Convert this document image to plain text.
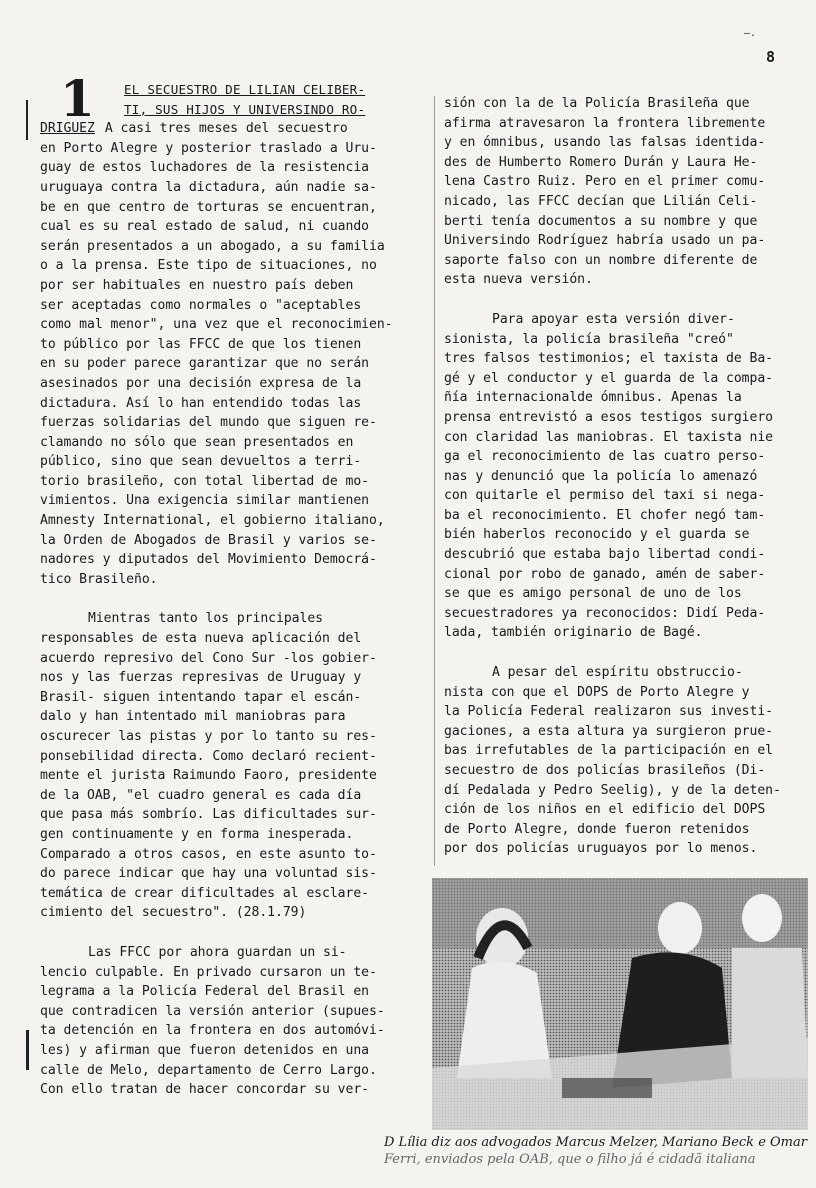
—.
8
1 EL SECUESTRO DE LILIAN CELIBER-
TI, SUS HIJOS Y UNIVERSINDO RO-

DRIGUEZ A casi tres meses del secuestro
en Porto Alegre y posterior traslado a Uru-
guay de estos luchadores de la resistencia
uruguaya contra la dictadura, aún nadie sa-
be en que centro de torturas se encuentran,
cual es su real estado de salud, ni cuando
serán presentados a un abogado, a su familia
o a la prensa. Este tipo de situaciones, no
por ser habituales en nuestro país deben
ser aceptadas como normales o "aceptables
como mal menor", una vez que el reconocimien-
to público por las FFCC de que los tienen
en su poder parece garantizar que no serán
asesinados por una decisión expresa de la
dictadura. Así lo han entendido todas las
fuerzas solidarias del mundo que siguen re-
clamando no sólo que sean presentados en
público, sino que sean devueltos a terri-
torio brasileño, con total libertad de mo-
vimientos. Una exigencia similar mantienen
Amnesty International, el gobierno italiano,
la Orden de Abogados de Brasil y varios se-
nadores y diputados del Movimiento Democrá-
tico Brasileño.

Mientras tanto los principales
responsables de esta nueva aplicación del
acuerdo represivo del Cono Sur -los gobier-
nos y las fuerzas represivas de Uruguay y
Brasil- siguen intentando tapar el escán-
dalo y han intentado mil maniobras para
oscurecer las pistas y por lo tanto su res-
ponsebilidad directa. Como declaró recient-
mente el jurista Raimundo Faoro, presidente
de la OAB, "el cuadro general es cada día
que pasa más sombrío. Las dificultades sur-
gen continuamente y en forma inesperada.
Comparado a otros casos, en este asunto to-
do parece indicar que hay una voluntad sis-
temática de crear dificultades al esclare-
cimiento del secuestro". (28.1.79)

Las FFCC por ahora guardan un si-
lencio culpable. En privado cursaron un te-
legrama a la Policía Federal del Brasil en
que contradicen la versión anterior (supues-
ta detención en la frontera en dos automóvi-
les) y afirman que fueron detenidos en una
calle de Melo, departamento de Cerro Largo.
Con ello tratan de hacer concordar su ver-

sión con la de la Policía Brasileña que
afirma atravesaron la frontera libremente
y en ómnibus, usando las falsas identida-
des de Humberto Romero Durán y Laura He-
lena Castro Ruiz. Pero en el primer comu-
nicado, las FFCC decían que Lilián Celi-
berti tenía documentos a su nombre y que
Universindo Rodríguez habría usado un pa-
saporte falso con un nombre diferente de
esta nueva versión.

Para apoyar esta versión diver-
sionista, la policía brasileña "creó"
tres falsos testimonios; el taxista de Ba-
gé y el conductor y el guarda de la compa-
ñía internacionalde ómnibus. Apenas la
prensa entrevistó a esos testigos surgiero
con claridad las maniobras. El taxista nie
ga el reconocimiento de las cuatro perso-
nas y denunció que la policía lo amenazó
con quitarle el permiso del taxi si nega-
ba el reconocimiento. El chofer negó tam-
bién haberlos reconocido y el guarda se
descubrió que estaba bajo libertad condi-
cional por robo de ganado, amén de saber-
se que es amigo personal de uno de los
secuestradores ya reconocidos: Didí Peda-
lada, también originario de Bagé.

A pesar del espíritu obstruccio-
nista con que el DOPS de Porto Alegre y
la Policía Federal realizaron sus investi-
gaciones, a esta altura ya surgieron prue-
bas irrefutables de la participación en el
secuestro de dos policías brasileños (Di-
dí Pedalada y Pedro Seelig), y de la deten-
ción de los niños en el edificio del DOPS
de Porto Alegre, donde fueron retenidos
por dos policías uruguayos por lo menos.

D Lília diz aos advogados Marcus Melzer, Mariano Beck e Omar
Ferri, enviados pela OAB, que o filho já é cidadã italiana
